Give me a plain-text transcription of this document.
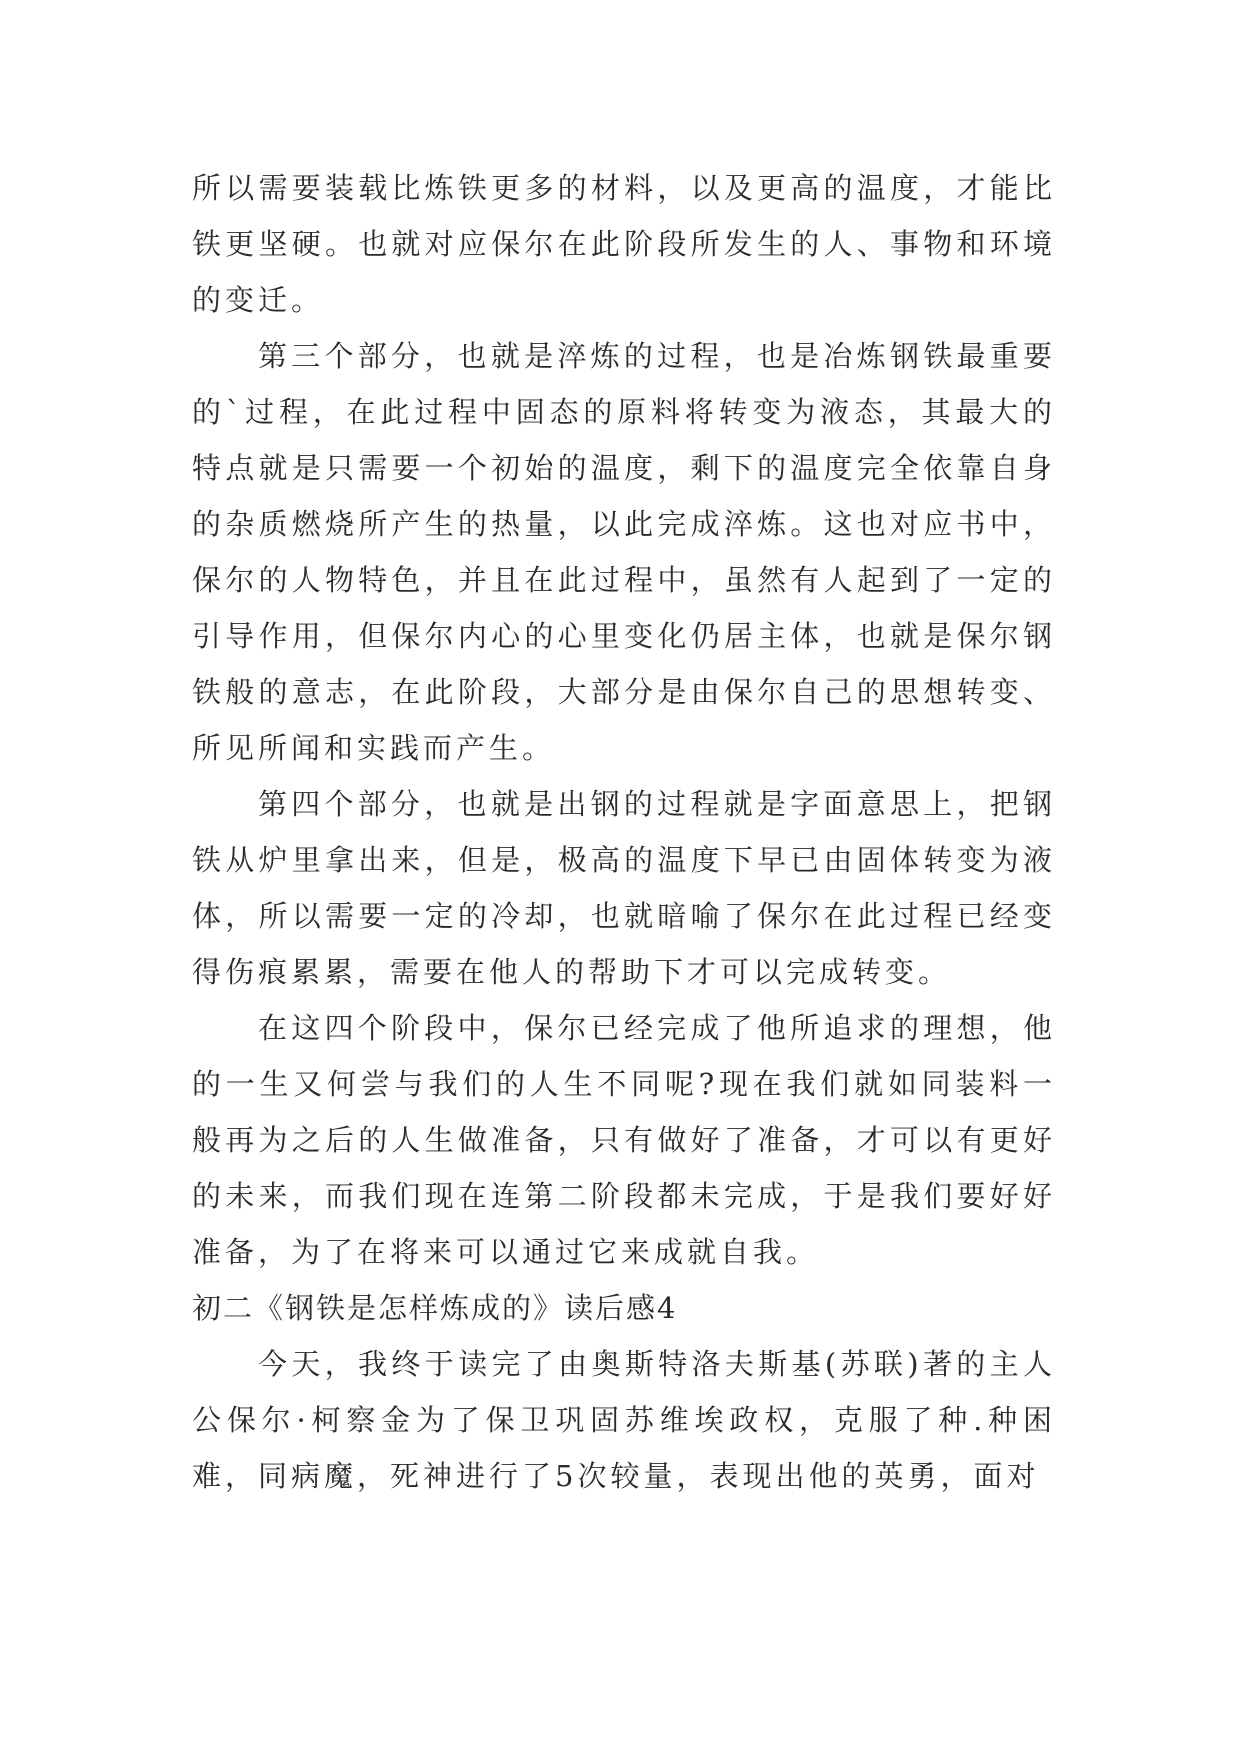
所以需要装载比炼铁更多的材料，以及更高的温度，才能比铁更坚硬。也就对应保尔在此阶段所发生的人、事物和环境的变迁。

第三个部分，也就是淬炼的过程，也是冶炼钢铁最重要的`过程，在此过程中固态的原料将转变为液态，其最大的特点就是只需要一个初始的温度，剩下的温度完全依靠自身的杂质燃烧所产生的热量，以此完成淬炼。这也对应书中，保尔的人物特色，并且在此过程中，虽然有人起到了一定的引导作用，但保尔内心的心里变化仍居主体，也就是保尔钢铁般的意志，在此阶段，大部分是由保尔自己的思想转变、所见所闻和实践而产生。

第四个部分，也就是出钢的过程就是字面意思上，把钢铁从炉里拿出来，但是，极高的温度下早已由固体转变为液体，所以需要一定的冷却，也就暗喻了保尔在此过程已经变得伤痕累累，需要在他人的帮助下才可以完成转变。

在这四个阶段中，保尔已经完成了他所追求的理想，他的一生又何尝与我们的人生不同呢?现在我们就如同装料一般再为之后的人生做准备，只有做好了准备，才可以有更好的未来，而我们现在连第二阶段都未完成，于是我们要好好准备，为了在将来可以通过它来成就自我。

初二《钢铁是怎样炼成的》读后感4

今天，我终于读完了由奥斯特洛夫斯基(苏联)著的主人公保尔·柯察金为了保卫巩固苏维埃政权，克服了种.种困难，同病魔，死神进行了5次较量，表现出他的英勇，面对
